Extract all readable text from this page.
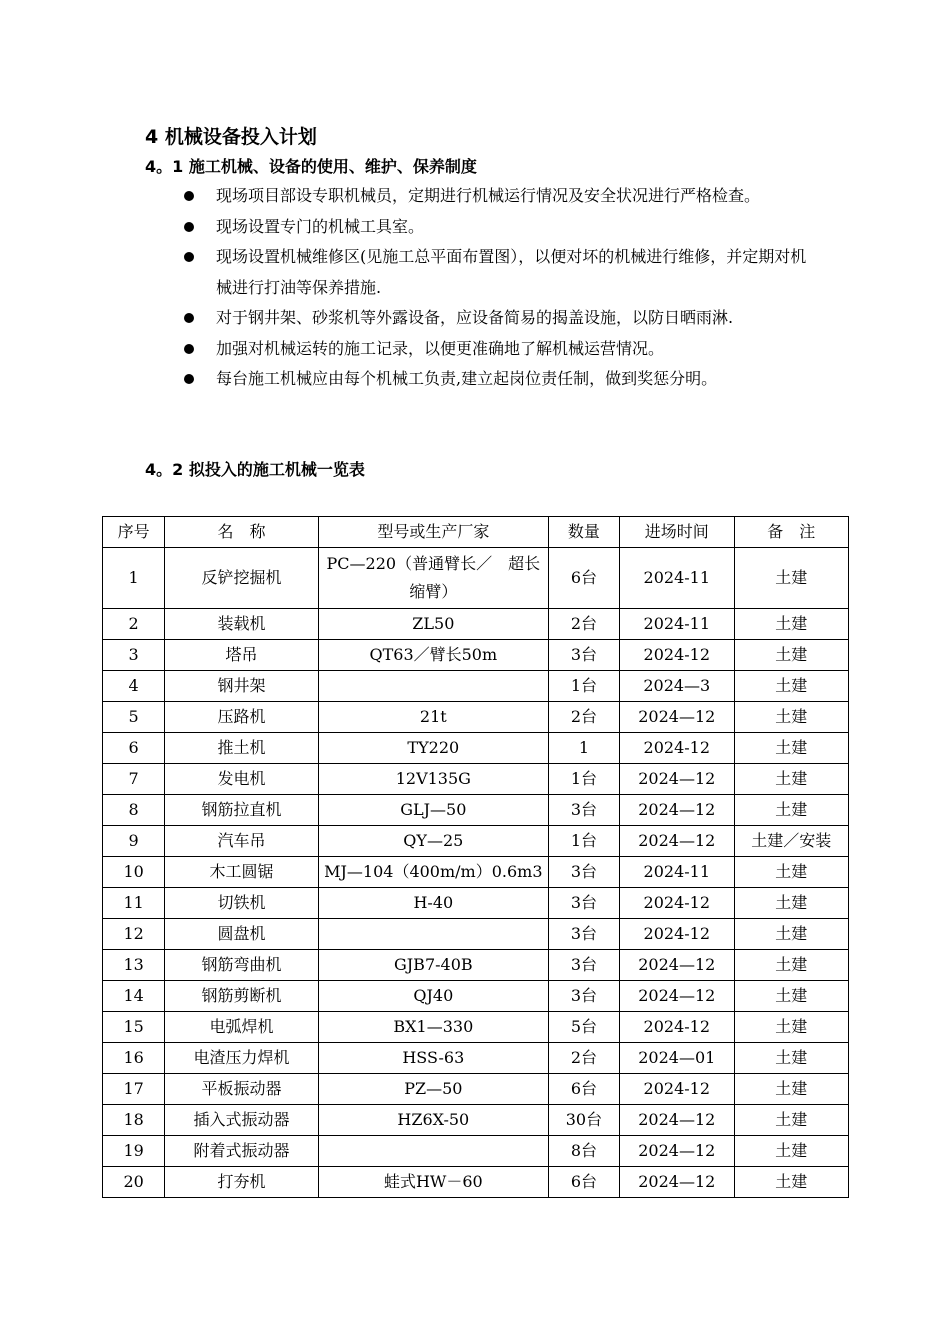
4 机械设备投入计划
4。1 施工机械、设备的使用、维护、保养制度
现场项目部设专职机械员，定期进行机械运行情况及安全状况进行严格检查。
现场设置专门的机械工具室。
现场设置机械维修区(见施工总平面布置图），以便对坏的机械进行维修，并定期对机械进行打油等保养措施.
对于钢井架、砂浆机等外露设备，应设备简易的揭盖设施，以防日晒雨淋.
加强对机械运转的施工记录，以便更准确地了解机械运营情况。
每台施工机械应由每个机械工负责,建立起岗位责任制，做到奖惩分明。
4。2 拟投入的施工机械一览表
序号	名　称	型号或生产厂家	数量	进场时间	备　注
1	反铲挖掘机	PC—220（普通臂长／　超长缩臂）	6台	2024-11	土建
2	装载机	ZL50	2台	2024-11	土建
3	塔吊	QT63／臂长50m	3台	2024-12	土建
4	钢井架		1台	2024—3	土建
5	压路机	21t	2台	2024—12	土建
6	推土机	TY220	1	2024-12	土建
7	发电机	12V135G	1台	2024—12	土建
8	钢筋拉直机	GLJ—50	3台	2024—12	土建
9	汽车吊	QY—25	1台	2024—12	土建／安装
10	木工圆锯	MJ—104（400m/m）0.6m3	3台	2024-11	土建
11	切铁机	H-40	3台	2024-12	土建
12	圆盘机		3台	2024-12	土建
13	钢筋弯曲机	GJB7-40B	3台	2024—12	土建
14	钢筋剪断机	QJ40	3台	2024—12	土建
15	电弧焊机	BX1—330	5台	2024-12	土建
16	电渣压力焊机	HSS-63	2台	2024—01	土建
17	平板振动器	PZ—50	6台	2024-12	土建
18	插入式振动器	HZ6X-50	30台	2024—12	土建
19	附着式振动器		8台	2024—12	土建
20	打夯机	蛙式HW－60	6台	2024—12	土建
